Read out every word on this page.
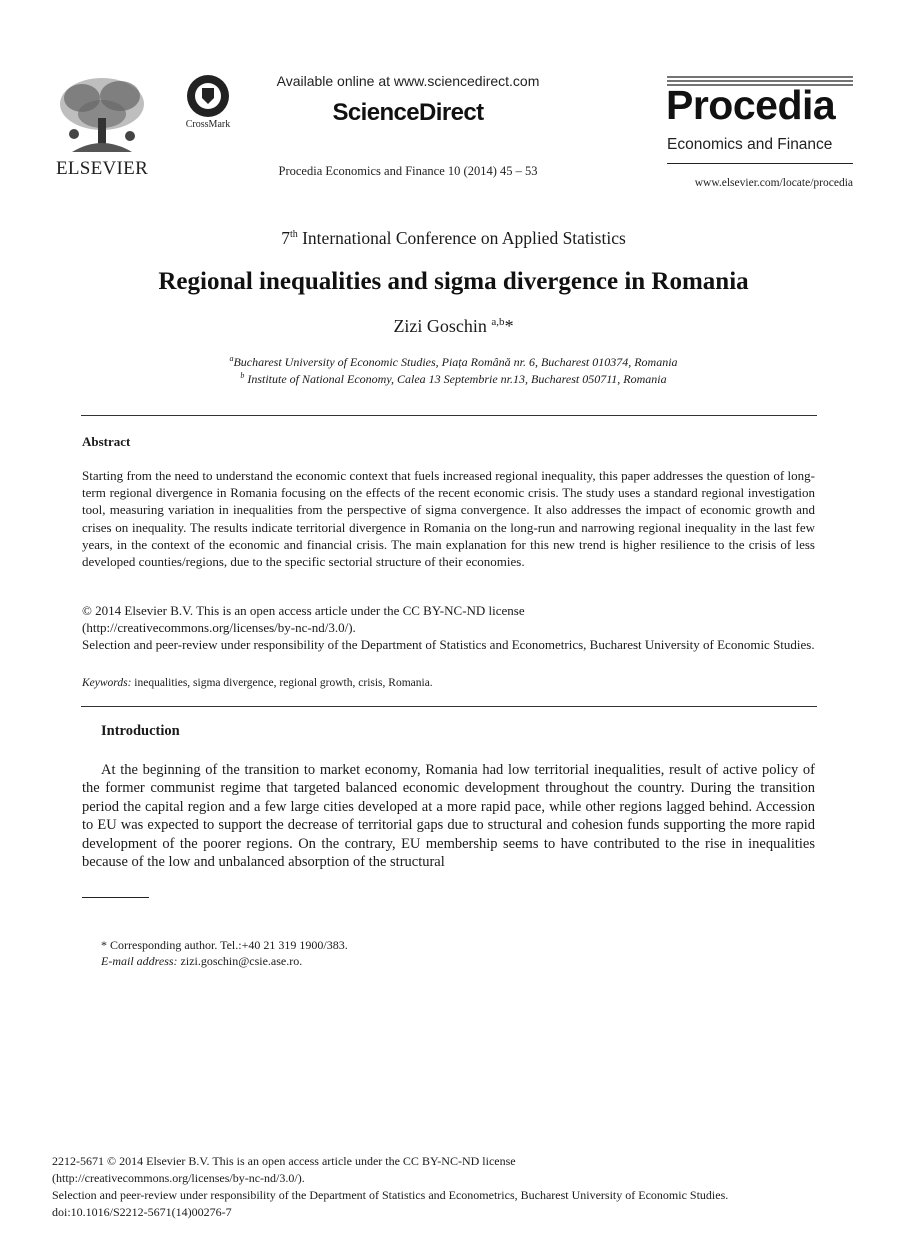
ELSEVIER
CrossMark
Available online at www.sciencedirect.com
ScienceDirect
Procedia Economics and Finance 10 (2014) 45 – 53
Procedia
Economics and Finance
www.elsevier.com/locate/procedia
7th International Conference on Applied Statistics
Regional inequalities and sigma divergence in Romania
Zizi Goschin $^{a,b}$*
$^a$Bucharest University of Economic Studies, Piața Română nr. 6, Bucharest 010374, Romania
$^b$ Institute of National Economy, Calea 13 Septembrie nr.13, Bucharest 050711, Romania
Abstract
Starting from the need to understand the economic context that fuels increased regional inequality, this paper addresses the question of long-term regional divergence in Romania focusing on the effects of the recent economic crisis. The study uses a standard regional investigation tool, measuring variation in inequalities from the perspective of sigma convergence. It also addresses the impact of economic growth and crises on inequality. The results indicate territorial divergence in Romania on the long-run and narrowing regional inequality in the last few years, in the context of the economic and financial crisis. The main explanation for this new trend is higher resilience to the crisis of less developed counties/regions, due to the specific sectorial structure of their economies.
© 2014 Elsevier B.V. This is an open access article under the CC BY-NC-ND license
(http://creativecommons.org/licenses/by-nc-nd/3.0/).
Selection and peer-review under responsibility of the Department of Statistics and Econometrics, Bucharest University of Economic Studies.
Keywords: inequalities, sigma divergence, regional growth, crisis, Romania.
Introduction
At the beginning of the transition to market economy, Romania had low territorial inequalities, result of active policy of the former communist regime that targeted balanced economic development throughout the country. During the transition period the capital region and a few large cities developed at a more rapid pace, while other regions lagged behind. Accession to EU was expected to support the decrease of territorial gaps due to structural and cohesion funds supporting the more rapid development of the poorer regions. On the contrary, EU membership seems to have contributed to the rise in inequalities because of the low and unbalanced absorption of the structural
* Corresponding author. Tel.:+40 21 319 1900/383.
E-mail address: zizi.goschin@csie.ase.ro.
2212-5671 © 2014 Elsevier B.V. This is an open access article under the CC BY-NC-ND license
(http://creativecommons.org/licenses/by-nc-nd/3.0/).
Selection and peer-review under responsibility of the Department of Statistics and Econometrics, Bucharest University of Economic Studies.
doi:10.1016/S2212-5671(14)00276-7
